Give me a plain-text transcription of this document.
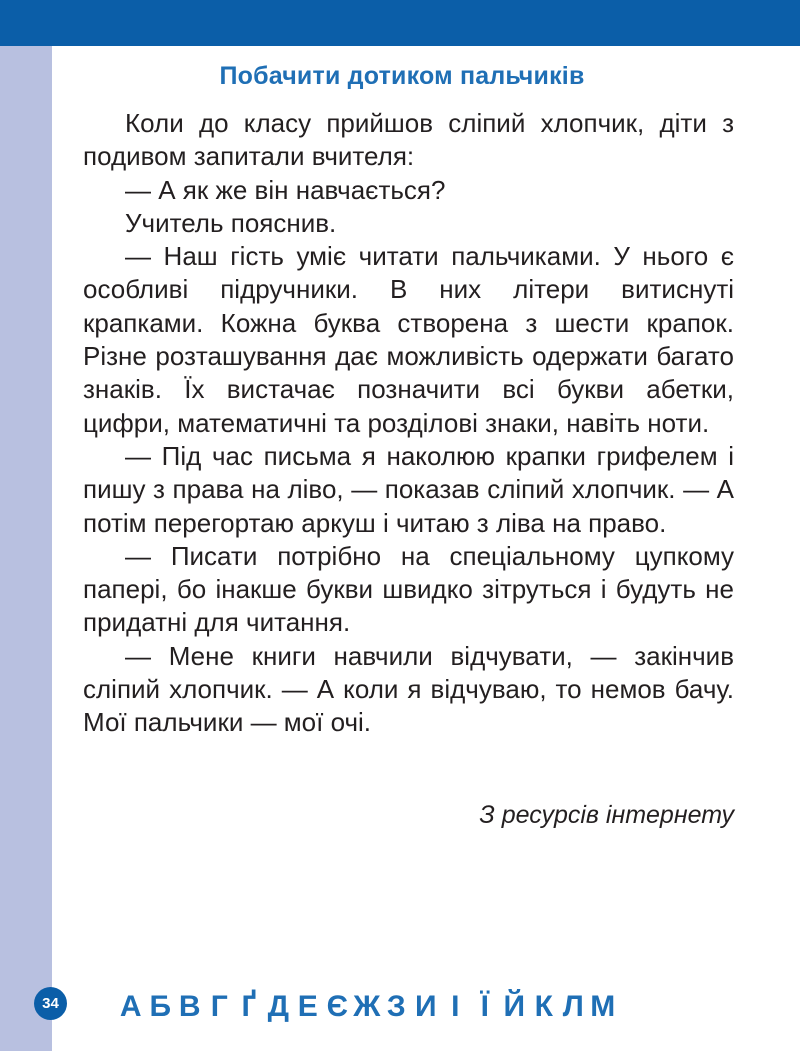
Побачити дотиком пальчиків

Коли до класу прийшов сліпий хлопчик, діти з подивом запитали вчителя:

— А як же він навчається?

Учитель пояснив.

— Наш гість уміє читати пальчиками. У нього є особливі підручники. В них літери витиснуті крапками. Кожна буква створена з шести крапок. Різне розташування дає можливість одержати багато знаків. Їх вистачає позначити всі букви абетки, цифри, математичні та розділові знаки, навіть ноти.

— Під час письма я наколюю крапки грифелем і пишу з права на ліво, — показав сліпий хлопчик. — А потім перегортаю аркуш і читаю з ліва на право.

— Писати потрібно на спеціальному цупкому папері, бо інакше букви швидко зітруться і будуть не придатні для читання.

— Мене книги навчили відчувати, — закінчив сліпий хлопчик. — А коли я відчуваю, то немов бачу. Мої пальчики — мої очі.

З ресурсів інтернету
34 А Б В Г Ґ Д Е Є Ж З И І Ї Й К Л М
